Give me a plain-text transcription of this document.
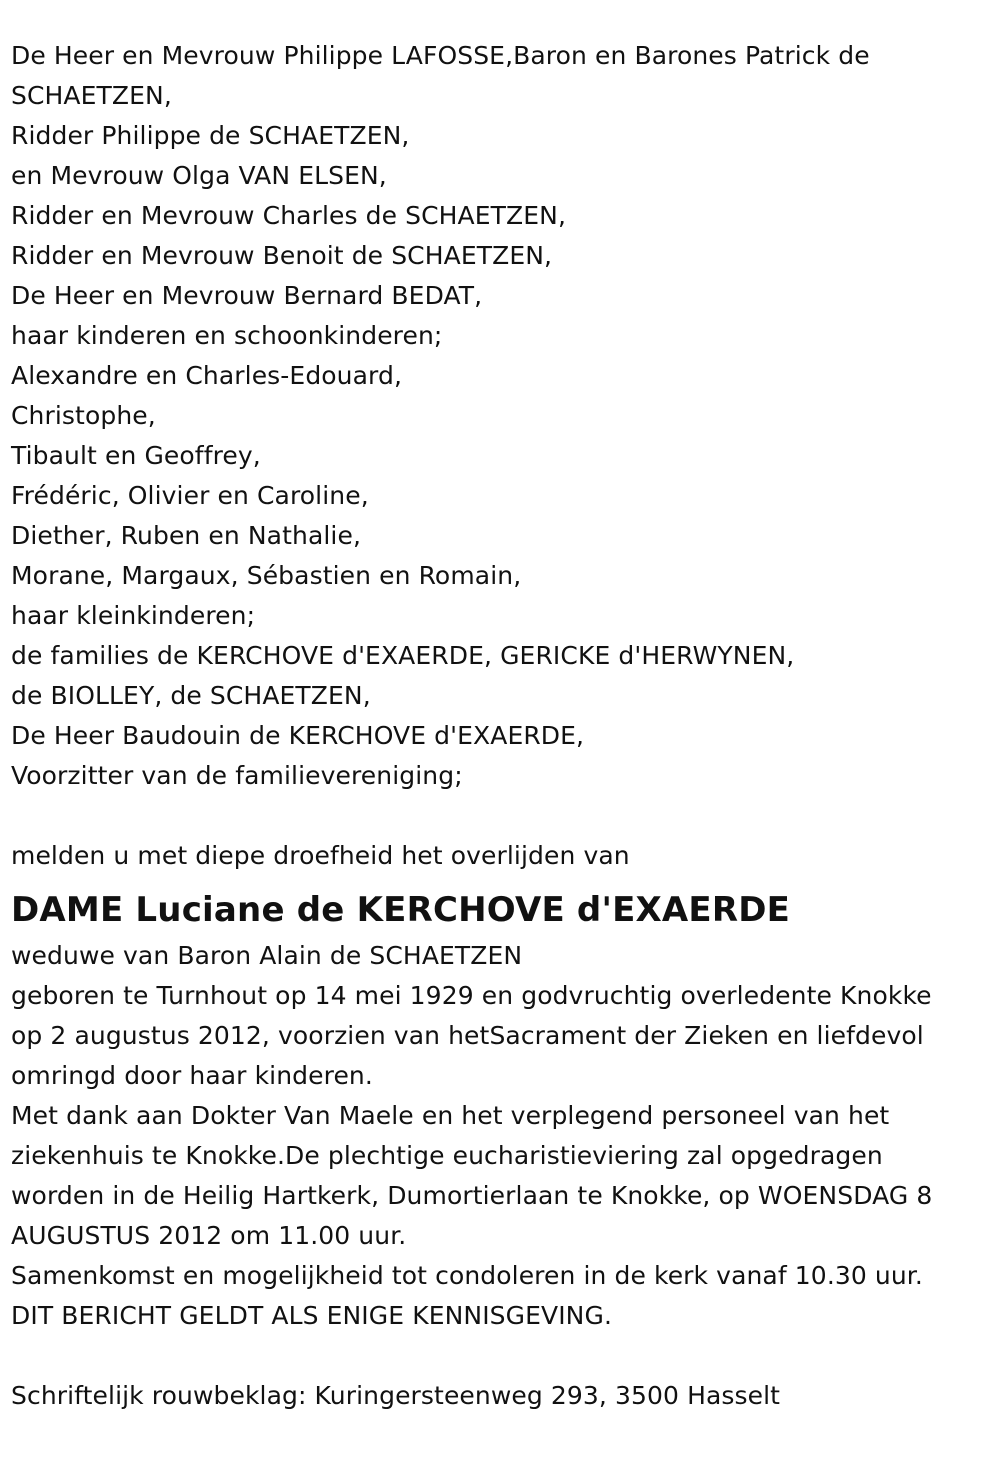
De Heer en Mevrouw Philippe LAFOSSE,Baron en Barones Patrick de
SCHAETZEN,
Ridder Philippe de SCHAETZEN,
en Mevrouw Olga VAN ELSEN,
Ridder en Mevrouw Charles de SCHAETZEN,
Ridder en Mevrouw Benoit de SCHAETZEN,
De Heer en Mevrouw Bernard BEDAT,
haar kinderen en schoonkinderen;
Alexandre en Charles-Edouard,
Christophe,
Tibault en Geoffrey,
Frédéric, Olivier en Caroline,
Diether, Ruben en Nathalie,
Morane, Margaux, Sébastien en Romain,
haar kleinkinderen;
de families de KERCHOVE d'EXAERDE, GERICKE d'HERWYNEN,
de BIOLLEY, de SCHAETZEN,
De Heer Baudouin de KERCHOVE d'EXAERDE,
Voorzitter van de familievereniging;
melden u met diepe droefheid het overlijden van
DAME Luciane de KERCHOVE d'EXAERDE
weduwe van Baron Alain de SCHAETZEN
geboren te Turnhout op 14 mei 1929 en godvruchtig overledente Knokke
op 2 augustus 2012, voorzien van hetSacrament der Zieken en liefdevol
omringd door haar kinderen.
Met dank aan Dokter Van Maele en het verplegend personeel van het
ziekenhuis te Knokke.De plechtige eucharistieviering zal opgedragen
worden in de Heilig Hartkerk, Dumortierlaan te Knokke, op WOENSDAG 8
AUGUSTUS 2012 om 11.00 uur.
Samenkomst en mogelijkheid tot condoleren in de kerk vanaf 10.30 uur.
DIT BERICHT GELDT ALS ENIGE KENNISGEVING.
Schriftelijk rouwbeklag: Kuringersteenweg 293, 3500 Hasselt
